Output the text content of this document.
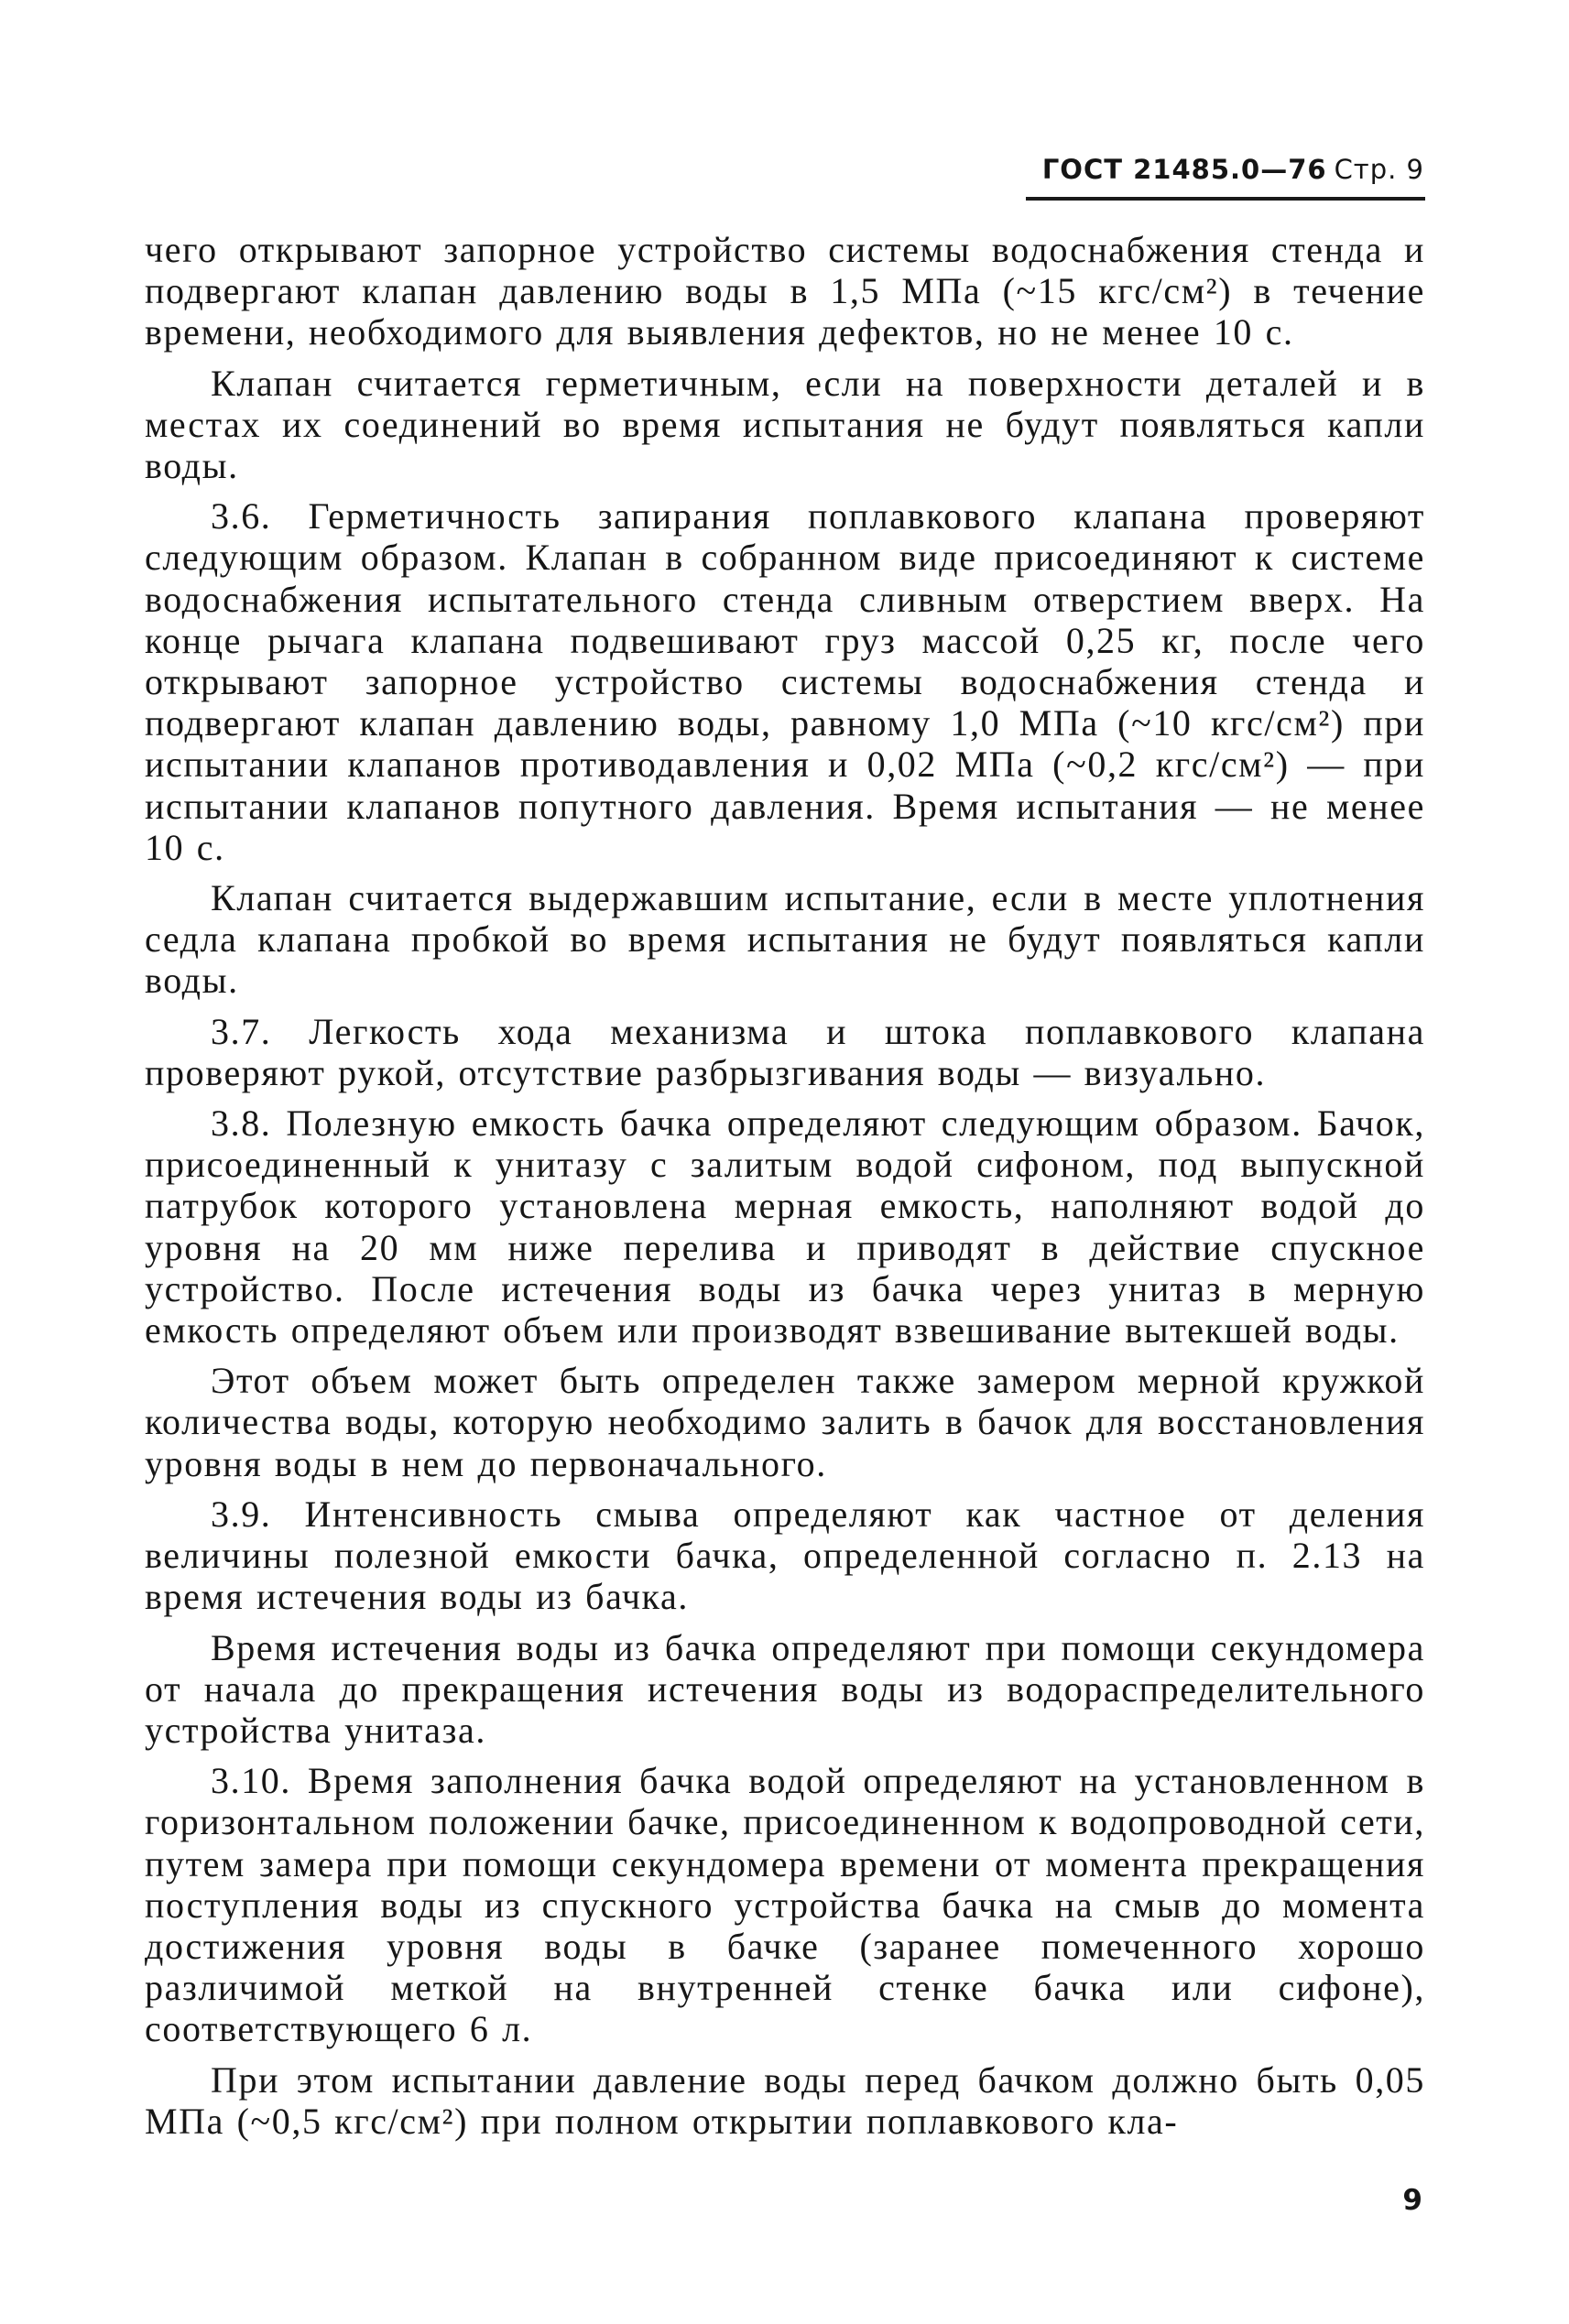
ГОСТ 21485.0—76 Стр. 9

чего открывают запорное устройство системы водоснабжения стенда и подвергают клапан давлению воды в 1,5 МПа (~15 кгс/см²) в течение времени, необходимого для выявления дефектов, но не менее 10 с.

Клапан считается герметичным, если на поверхности деталей и в местах их соединений во время испытания не будут появляться капли воды.

3.6. Герметичность запирания поплавкового клапана проверяют следующим образом. Клапан в собранном виде присоединяют к системе водоснабжения испытательного стенда сливным отверстием вверх. На конце рычага клапана подвешивают груз массой 0,25 кг, после чего открывают запорное устройство системы водоснабжения стенда и подвергают клапан давлению воды, равному 1,0 МПа (~10 кгс/см²) при испытании клапанов противодавления и 0,02 МПа (~0,2 кгс/см²) — при испытании клапанов попутного давления. Время испытания — не менее 10 с.

Клапан считается выдержавшим испытание, если в месте уплотнения седла клапана пробкой во время испытания не будут появляться капли воды.

3.7. Легкость хода механизма и штока поплавкового клапана проверяют рукой, отсутствие разбрызгивания воды — визуально.

3.8. Полезную емкость бачка определяют следующим образом. Бачок, присоединенный к унитазу с залитым водой сифоном, под выпускной патрубок которого установлена мерная емкость, наполняют водой до уровня на 20 мм ниже перелива и приводят в действие спускное устройство. После истечения воды из бачка через унитаз в мерную емкость определяют объем или производят взвешивание вытекшей воды.

Этот объем может быть определен также замером мерной кружкой количества воды, которую необходимо залить в бачок для восстановления уровня воды в нем до первоначального.

3.9. Интенсивность смыва определяют как частное от деления величины полезной емкости бачка, определенной согласно п. 2.13 на время истечения воды из бачка.

Время истечения воды из бачка определяют при помощи секундомера от начала до прекращения истечения воды из водораспределительного устройства унитаза.

3.10. Время заполнения бачка водой определяют на установленном в горизонтальном положении бачке, присоединенном к водопроводной сети, путем замера при помощи секундомера времени от момента прекращения поступления воды из спускного устройства бачка на смыв до момента достижения уровня воды в бачке (заранее помеченного хорошо различимой меткой на внутренней стенке бачка или сифоне), соответствующего 6 л.

При этом испытании давление воды перед бачком должно быть 0,05 МПа (~0,5 кгс/см²) при полном открытии поплавкового кла-

9
